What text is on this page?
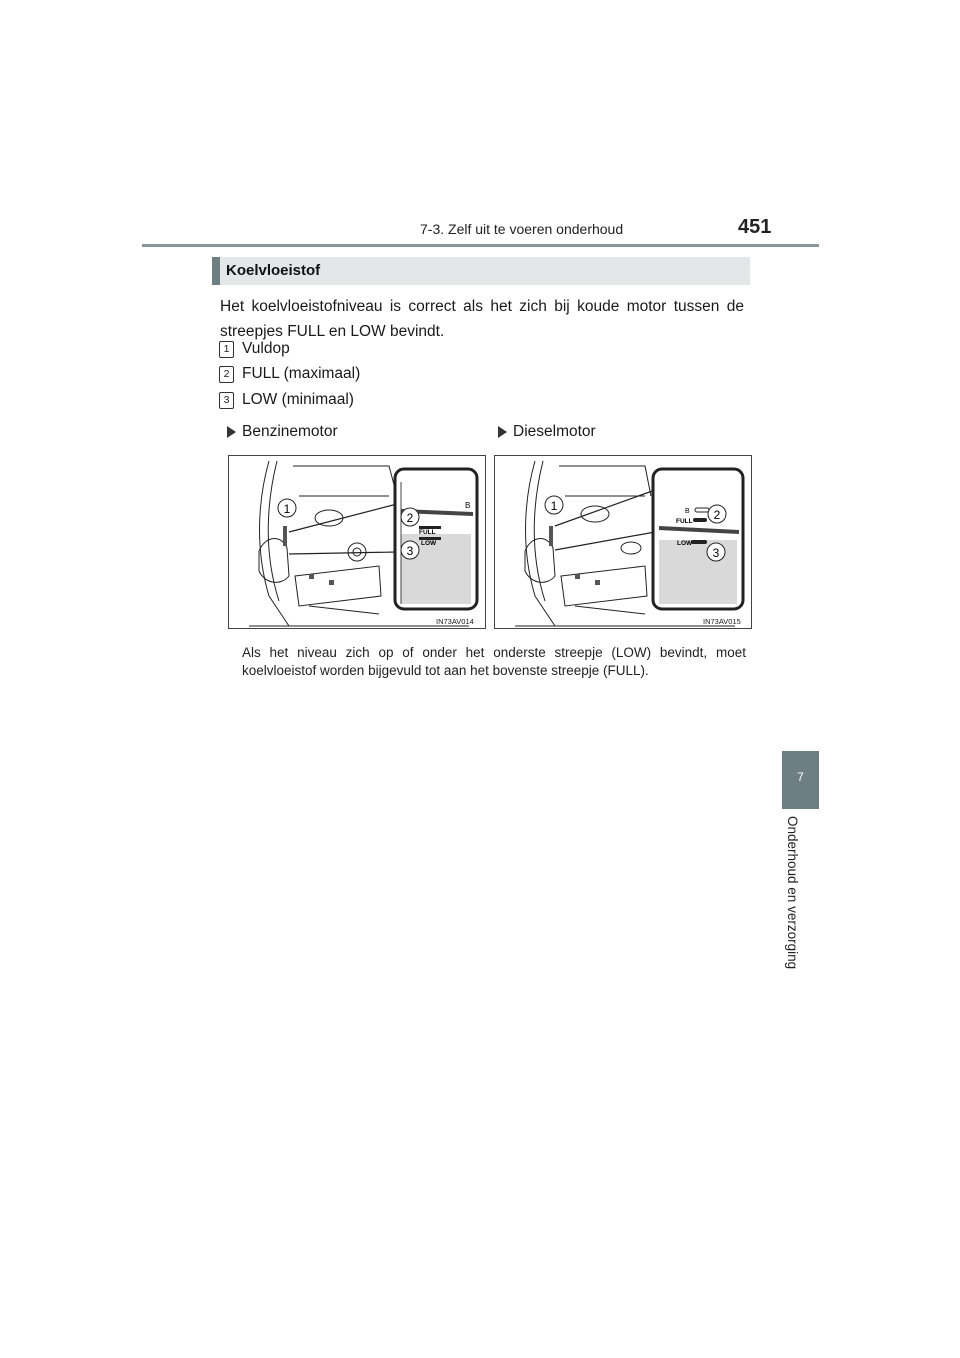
7-3. Zelf uit te voeren onderhoud	451
Koelvloeistof
Het koelvloeistofniveau is correct als het zich bij koude motor tussen de streepjes FULL en LOW bevindt.
1 Vuldop
2 FULL (maximaal)
3 LOW (minimaal)
Benzinemotor	Dieselmotor
FULL
LOW
B
1
2
3
IN73AV014
FULL
LOW
B
1
2
3
IN73AV015
Als het niveau zich op of onder het onderste streepje (LOW) bevindt, moet koelvloeistof worden bijgevuld tot aan het bovenste streepje (FULL).
7
Onderhoud en verzorging
